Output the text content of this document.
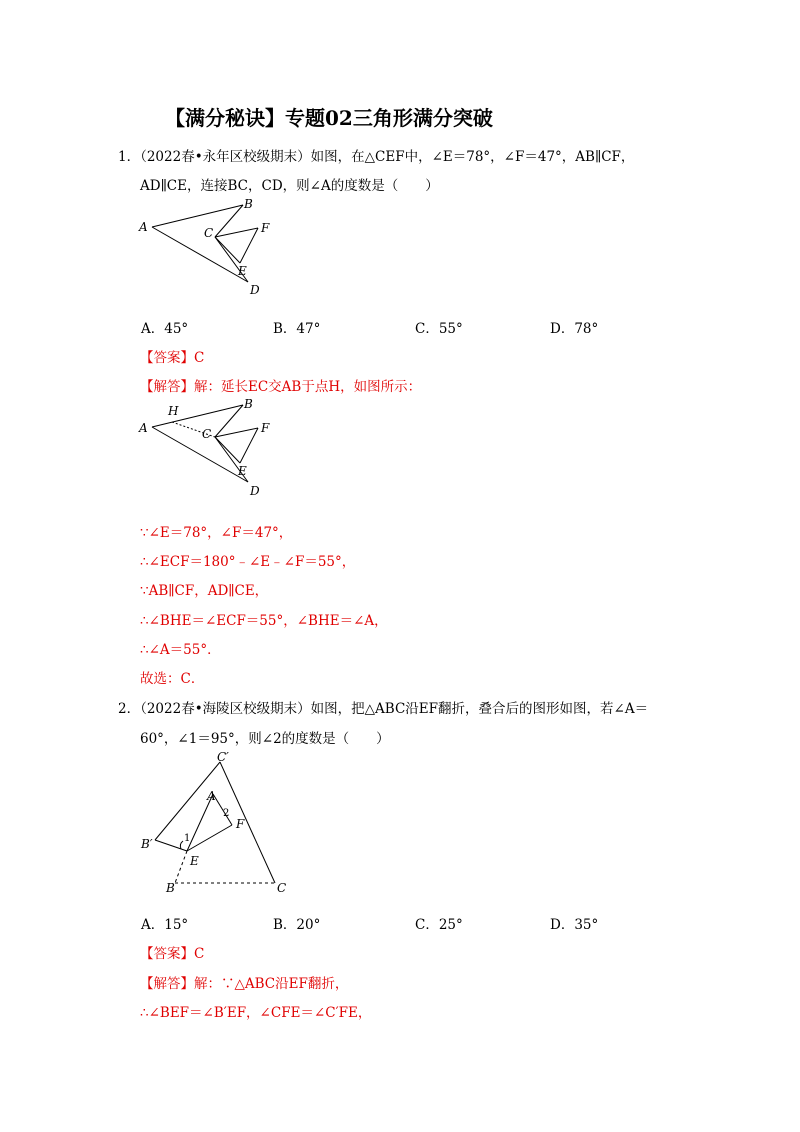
【满分秘诀】专题02三角形满分突破
1．（2022春•永年区校级期末）如图，在△CEF中，∠E＝78°，∠F＝47°，AB∥CF，
AD∥CE，连接BC，CD，则∠A的度数是（　　）
A
B
C	F
E
D
A．45°	B．47°	C．55°	D．78°
【答案】C
【解答】解：延长EC交AB于点H，如图所示：
H
A
B
C	F
E
D
∵∠E＝78°，∠F＝47°，
∴∠ECF＝180°﹣∠E﹣∠F＝55°，
∵AB∥CF，AD∥CE，
∴∠BHE＝∠ECF＝55°，∠BHE＝∠A，
∴∠A＝55°．
故选：C．
2．（2022春•海陵区校级期末）如图，把△ABC沿EF翻折，叠合后的图形如图，若∠A＝
60°，∠1＝95°，则∠2的度数是（　　）
C′
A
B′
E
F
B	C
1
2
A．15°	B．20°	C．25°	D．35°
【答案】C
【解答】解：∵△ABC沿EF翻折，
∴∠BEF＝∠B′EF，∠CFE＝∠C′FE，
